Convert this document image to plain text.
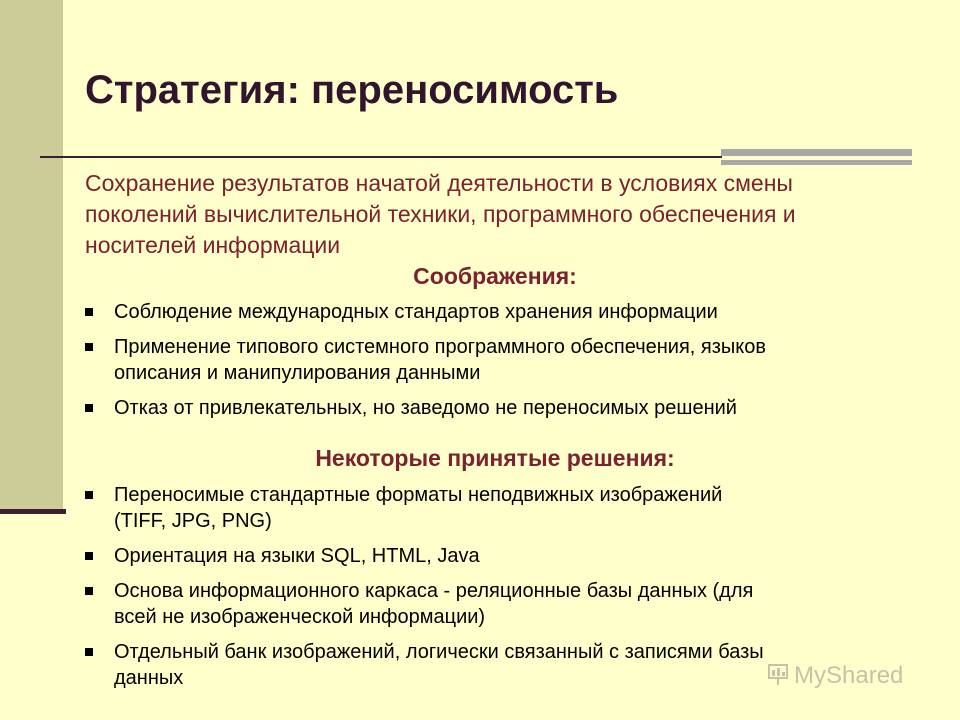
Стратегия: переносимость
Сохранение результатов начатой деятельности в условиях смены
поколений вычислительной техники, программного обеспечения и
носителей информации
Соображения:
Соблюдение международных стандартов хранения информации
Применение типового системного программного обеспечения, языков
описания и манипулирования данными
Отказ от привлекательных, но заведомо не переносимых решений
Некоторые принятые решения:
Переносимые стандартные форматы неподвижных изображений
(TIFF, JPG, PNG)
Ориентация на языки SQL, HTML, Java
Основа информационного каркаса - реляционные базы данных (для
всей не изображенческой информации)
Отдельный банк изображений, логически связанный с записями базы
данных	MyShared
